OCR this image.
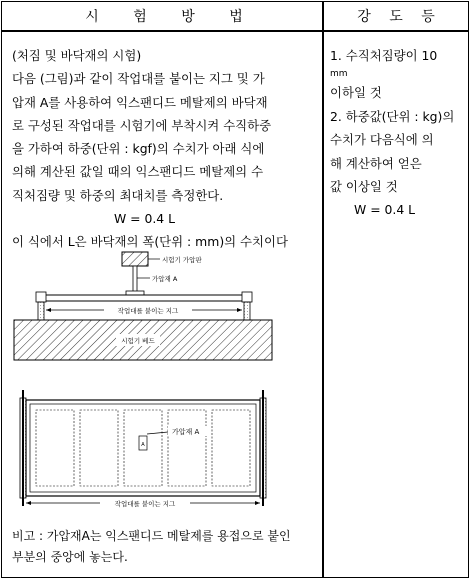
시 험 방 법	강 도 등
(처짐 및 바닥재의 시험)
다음 (그림)과 같이 작업대를 붙이는 지그 및 가
압재 A를 사용하여 익스팬디드 메탈제의 바닥재
로 구성된 작업대를 시험기에 부착시켜 수직하중
을 가하여 하중(단위 : kgf)의 수치가 아래 식에
의해 계산된 값일 때의 익스팬디드 메탈제의 수
직처짐량 및 하중의 최대치를 측정한다.
W = 0.4 L
이 식에서 L은 바닥재의 폭(단위 : mm)의 수치이다
1. 수직처짐량이 10
mm
이하일 것
2. 하중값(단위 : kg)의
수치가 다음식에 의
해 계산하여 얻은
값 이상일 것
W = 0.4 L
시험기 가압판
가압재 A
작업대를 붙이는 지그
시험기 베드
A
가압재 A
작업대를 붙이는 지그
비고 : 가압재A는 익스팬디드 메탈제를 용접으로 붙인
부분의 중앙에 놓는다.
